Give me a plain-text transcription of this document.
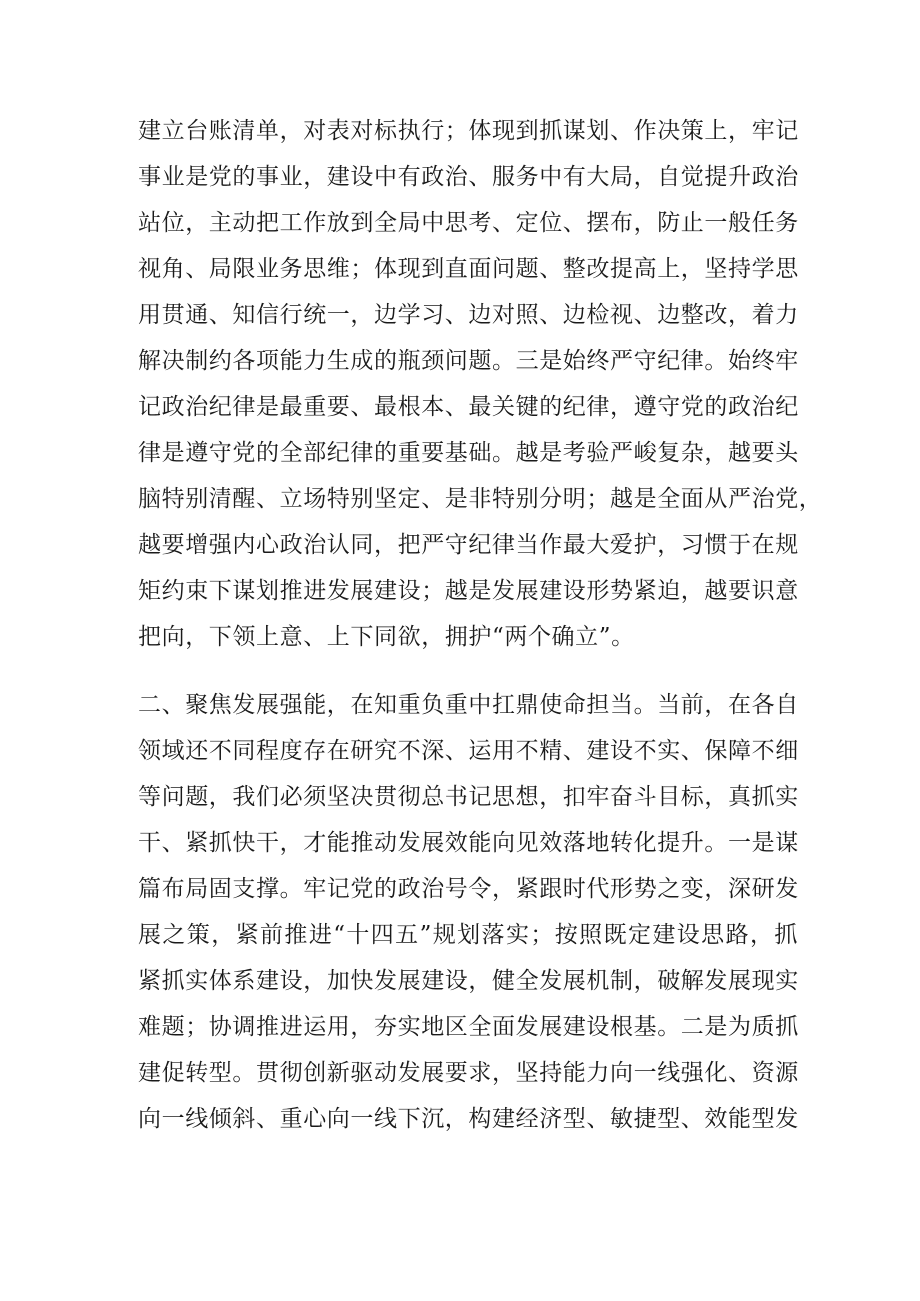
建立台账清单，对表对标执行；体现到抓谋划、作决策上，牢记
事业是党的事业，建设中有政治、服务中有大局，自觉提升政治
站位，主动把工作放到全局中思考、定位、摆布，防止一般任务
视角、局限业务思维；体现到直面问题、整改提高上，坚持学思
用贯通、知信行统一，边学习、边对照、边检视、边整改，着力
解决制约各项能力生成的瓶颈问题。三是始终严守纪律。始终牢
记政治纪律是最重要、最根本、最关键的纪律，遵守党的政治纪
律是遵守党的全部纪律的重要基础。越是考验严峻复杂，越要头
脑特别清醒、立场特别坚定、是非特别分明；越是全面从严治党，
越要增强内心政治认同，把严守纪律当作最大爱护，习惯于在规
矩约束下谋划推进发展建设；越是发展建设形势紧迫，越要识意
把向，下领上意、上下同欲，拥护“两个确立”。
二、聚焦发展强能，在知重负重中扛鼎使命担当。当前，在各自
领域还不同程度存在研究不深、运用不精、建设不实、保障不细
等问题，我们必须坚决贯彻总书记思想，扣牢奋斗目标，真抓实
干、紧抓快干，才能推动发展效能向见效落地转化提升。一是谋
篇布局固支撑。牢记党的政治号令，紧跟时代形势之变，深研发
展之策，紧前推进“十四五”规划落实；按照既定建设思路，抓
紧抓实体系建设，加快发展建设，健全发展机制，破解发展现实
难题；协调推进运用，夯实地区全面发展建设根基。二是为质抓
建促转型。贯彻创新驱动发展要求，坚持能力向一线强化、资源
向一线倾斜、重心向一线下沉，构建经济型、敏捷型、效能型发
